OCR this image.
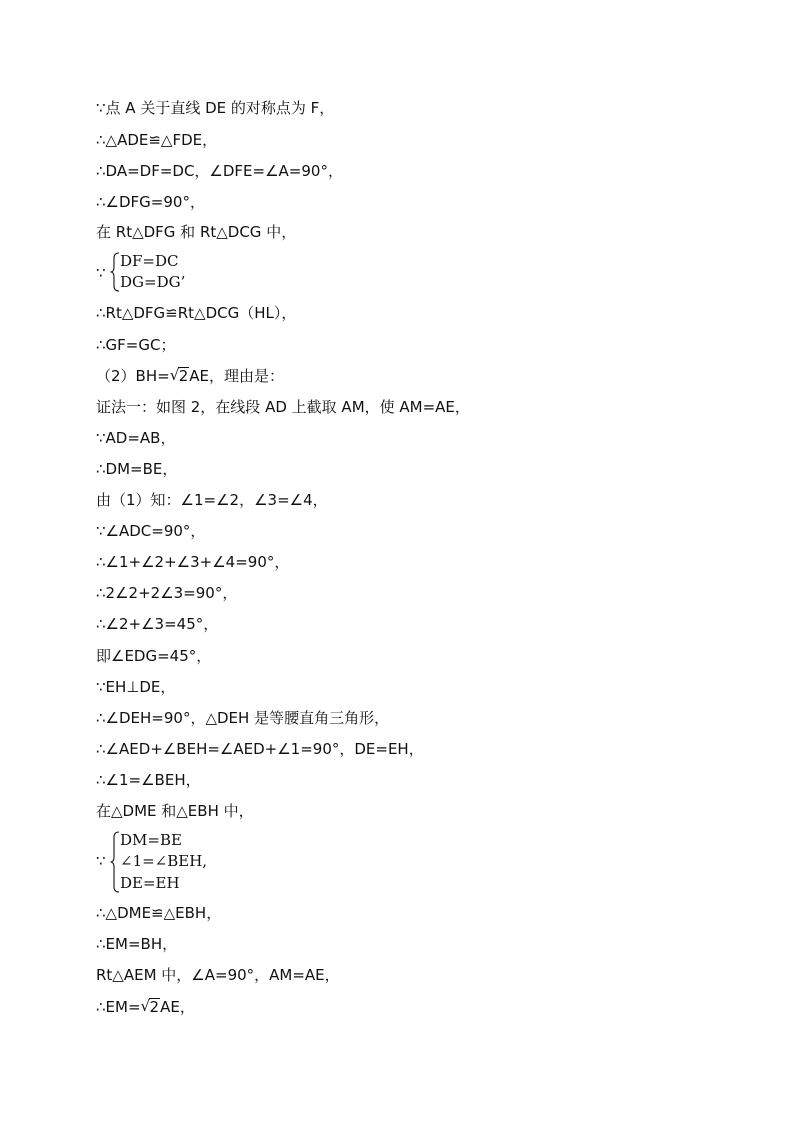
∵点 A 关于直线 DE 的对称点为 F，
∴△ADE≌△FDE，
∴DA=DF=DC，∠DFE=∠A=90°，
∴∠DFG=90°，
在 Rt△DFG 和 Rt△DCG 中，
∵
DF=DC
DG=DG’
∴Rt△DFG≌Rt△DCG（HL），
∴GF=GC；
（2）BH= √ 2AE，理由是：
证法一：如图 2，在线段 AD 上截取 AM，使 AM=AE，
∵AD=AB，
∴DM=BE，
由（1）知：∠1=∠2，∠3=∠4，
∵∠ADC=90°，
∴∠1+∠2+∠3+∠4=90°，
∴2∠2+2∠3=90°，
∴∠2+∠3=45°，
即∠EDG=45°，
∵EH⊥DE，
∴∠DEH=90°，△DEH 是等腰直角三角形，
∴∠AED+∠BEH=∠AED+∠1=90°，DE=EH，
∴∠1=∠BEH，
在△DME 和△EBH 中，
∵
DM=BE
∠1=∠BEH,
DE=EH
∴△DME≌△EBH，
∴EM=BH，
Rt△AEM 中，∠A=90°，AM=AE，
∴EM= √ 2AE，
